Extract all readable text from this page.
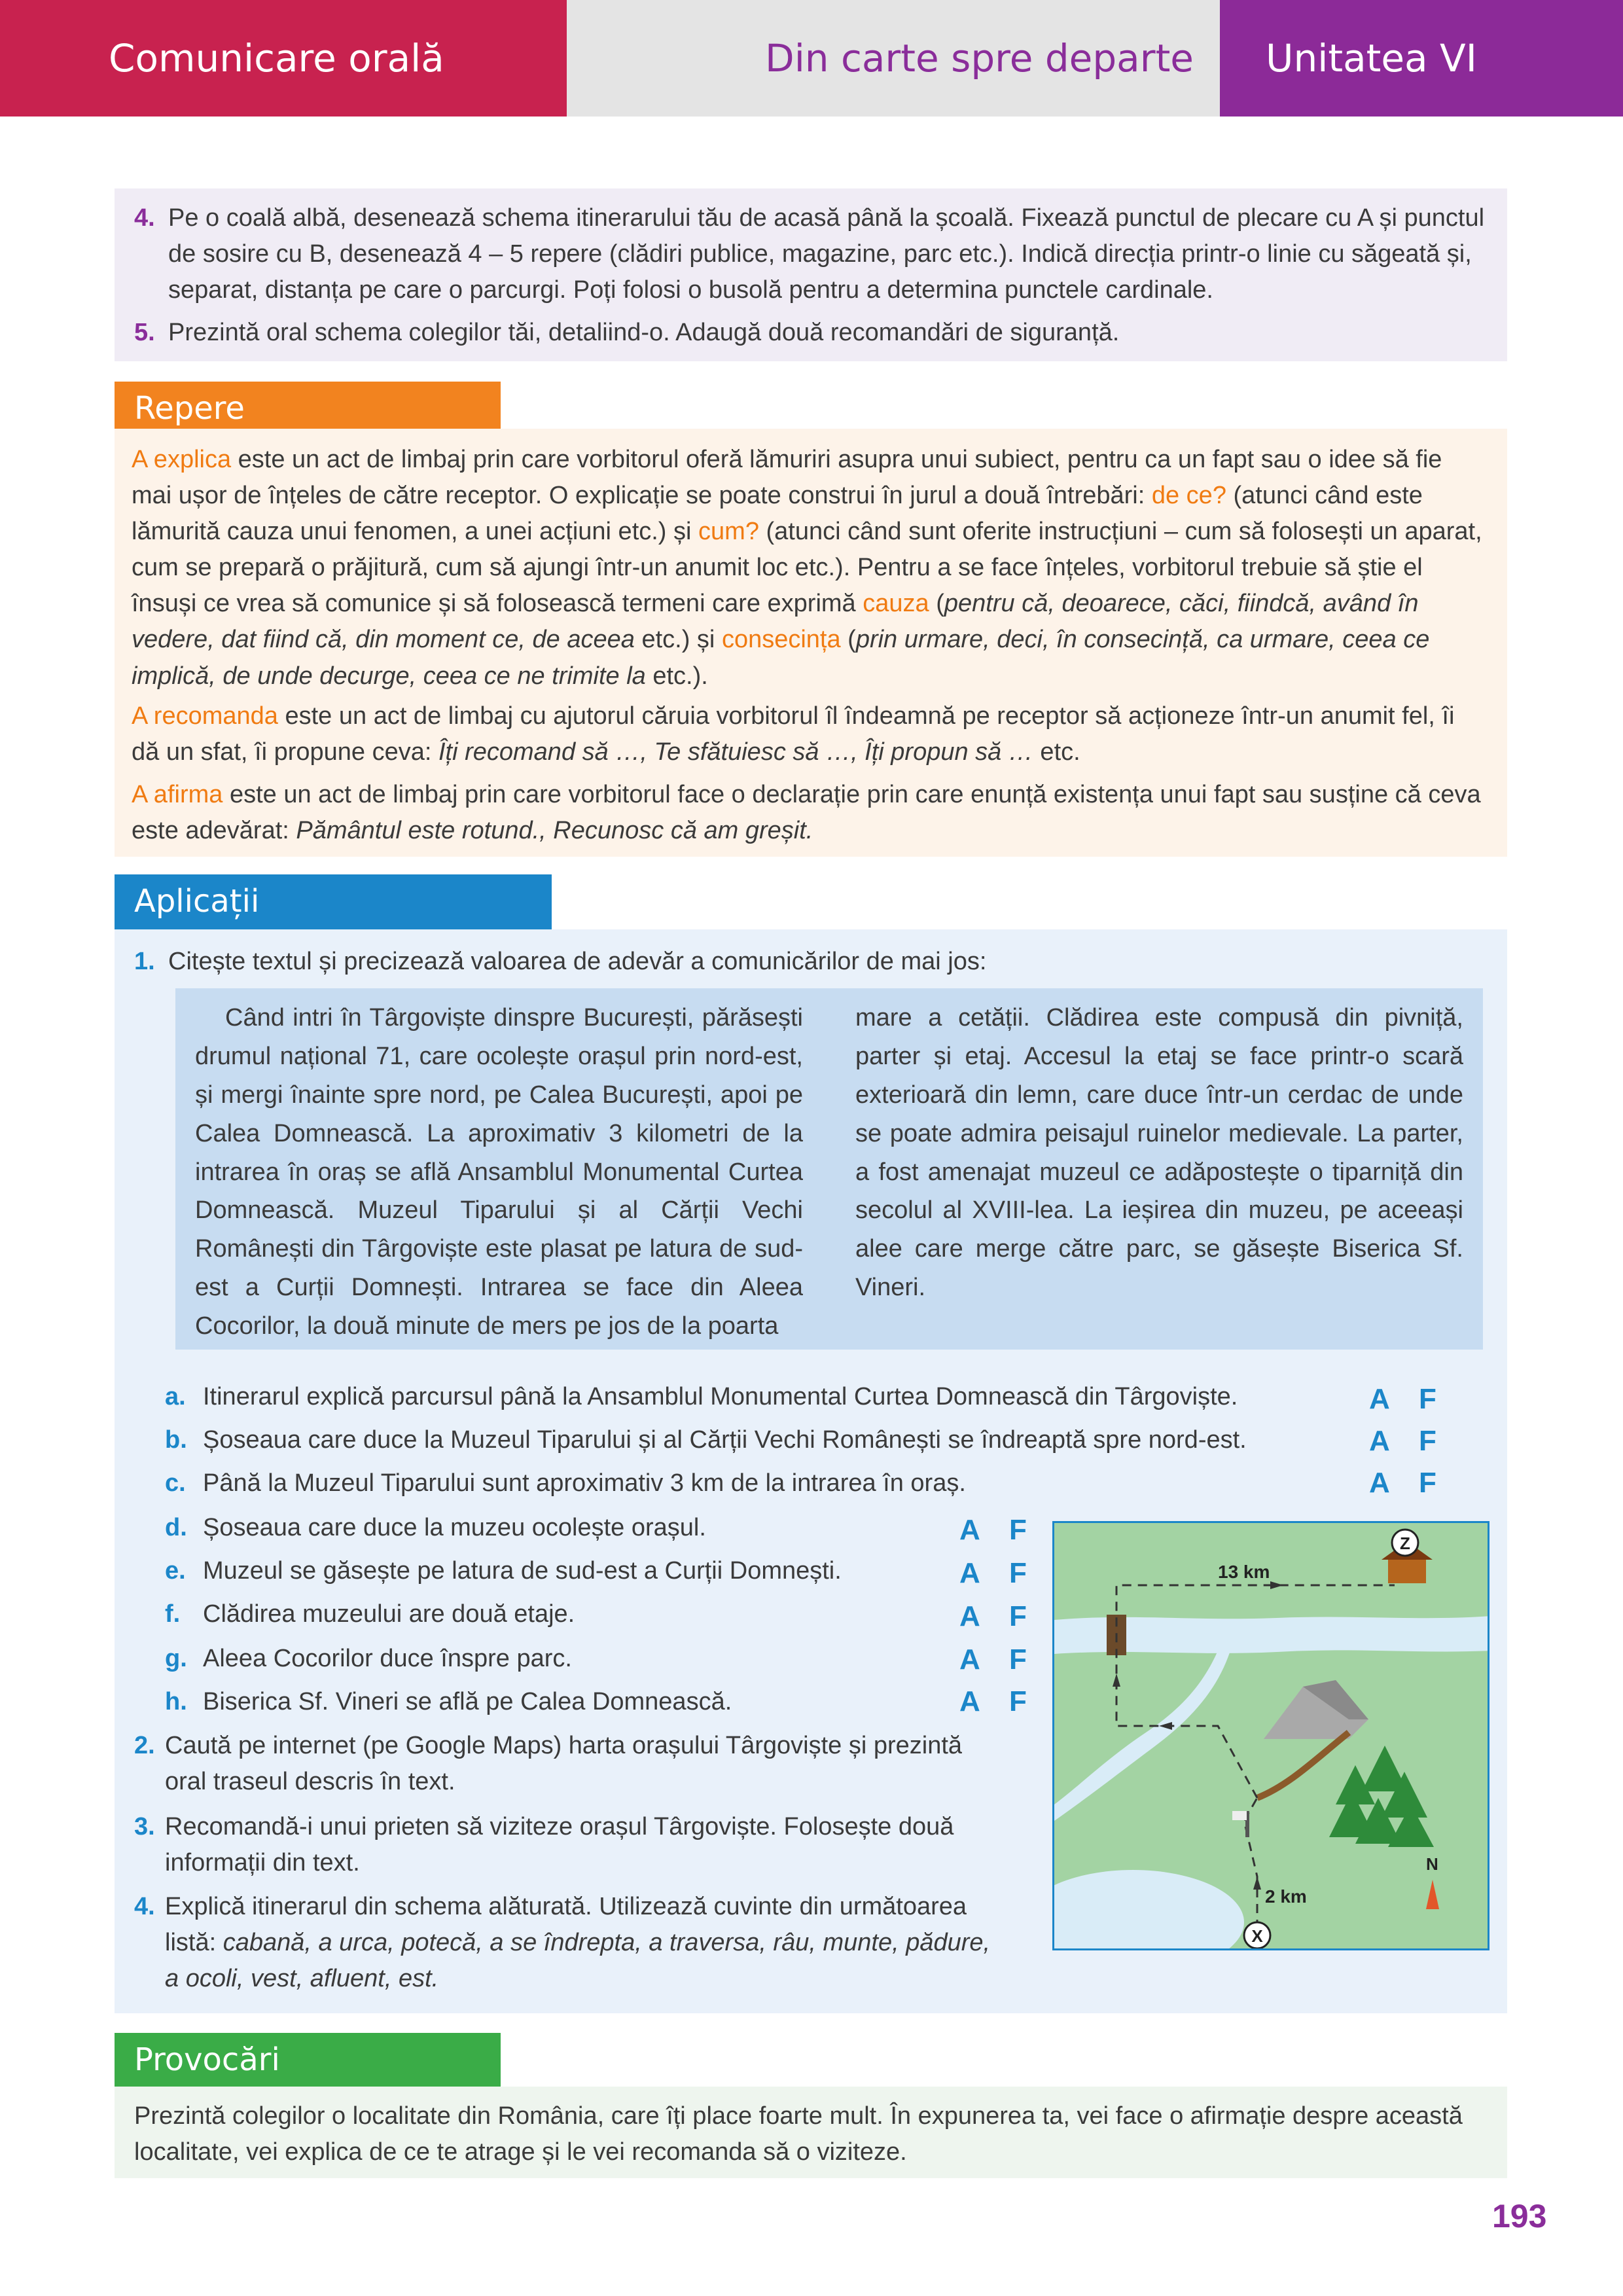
Comunicare orală	Din carte spre departe Unitatea VI
4. Pe o coală albă, desenează schema itinerarului tău de acasă până la școală. Fixează punctul de plecare cu A și punctul de sosire cu B, desenează 4 – 5 repere (clădiri publice, magazine, parc etc.). Indică direcția printr-o linie cu săgeată și, separat, distanța pe care o parcurgi. Poți folosi o busolă pentru a determina punctele cardinale.
5. Prezintă oral schema colegilor tăi, detaliind-o. Adaugă două recomandări de siguranță.
Repere

A explica este un act de limbaj prin care vorbitorul oferă lămuriri asupra unui subiect, pentru ca un fapt sau o idee să fie mai ușor de înțeles de către receptor. O explicație se poate construi în jurul a două întrebări: de ce? (atunci când este lămurită cauza unui fenomen, a unei acțiuni etc.) și cum? (atunci când sunt oferite instrucțiuni – cum să folosești un aparat, cum se prepară o prăjitură, cum să ajungi într-un anumit loc etc.). Pentru a se face înțeles, vorbitorul trebuie să știe el însuși ce vrea să comunice și să folosească termeni care exprimă cauza (pentru că, deoarece, căci, fiindcă, având în vedere, dat fiind că, din moment ce, de aceea etc.) și consecința (prin urmare, deci, în consecință, ca urmare, ceea ce implică, de unde decurge, ceea ce ne trimite la etc.).

A recomanda este un act de limbaj cu ajutorul căruia vorbitorul îl îndeamnă pe receptor să acționeze într-un anumit fel, îi dă un sfat, îi propune ceva: Îți recomand să …, Te sfătuiesc să …, Îți propun să … etc.

A afirma este un act de limbaj prin care vorbitorul face o declarație prin care enunță existența unui fapt sau susține că ceva este adevărat: Pământul este rotund., Recunosc că am greșit.

Aplicații
1. Citește textul și precizează valoarea de adevăr a comunicărilor de mai jos:
Când intri în Târgoviște dinspre București, părăsești drumul național 71, care ocolește orașul prin nord-est, și mergi înainte spre nord, pe Calea București, apoi pe Calea Domnească. La aproximativ 3 kilometri de la intrarea în oraș se află Ansamblul Monumental Curtea Domnească. Muzeul Tiparului și al Cărții Vechi Românești din Târgoviște este plasat pe latura de sud-est a Curții Domnești. Intrarea se face din Aleea Cocorilor, la două minute de mers pe jos de la poarta
mare a cetății. Clădirea este compusă din pivniță, parter și etaj. Accesul la etaj se face printr-o scară exterioară din lemn, care duce într-un cerdac de unde se poate admira peisajul ruinelor medievale. La parter, a fost amenajat muzeul ce adăpostește o tiparniță din secolul al XVIII-lea. La ieșirea din muzeu, pe aceeași alee care merge către parc, se găsește Biserica Sf. Vineri.
a. Itinerarul explică parcursul până la Ansamblul Monumental Curtea Domnească din Târgoviște.
b. Șoseaua care duce la Muzeul Tiparului și al Cărții Vechi Românești se îndreaptă spre nord-est.
c. Până la Muzeul Tiparului sunt aproximativ 3 km de la intrarea în oraș.
d. Șoseaua care duce la muzeu ocolește orașul.
e. Muzeul se găsește pe latura de sud-est a Curții Domnești.
f. Clădirea muzeului are două etaje.
g. Aleea Cocorilor duce înspre parc.
h. Biserica Sf. Vineri se află pe Calea Domnească.
A F
A F
A F
A F
A F
A F
A F
A F
2. Caută pe internet (pe Google Maps) harta orașului Târgoviște și prezintă
oral traseul descris în text.
3. Recomandă-i unui prieten să viziteze orașul Târgoviște. Folosește două
informații din text.
4. Explică itinerarul din schema alăturată. Utilizează cuvinte din următoarea
listă: cabană, a urca, potecă, a se îndrepta, a traversa, râu, munte, pădure,
a ocoli, vest, afluent, est.
X
Z
13 km
2 km
N
Provocări

Prezintă colegilor o localitate din România, care îți place foarte mult. În expunerea ta, vei face o afirmație despre această localitate, vei explica de ce te atrage și le vei recomanda să o viziteze.

193
